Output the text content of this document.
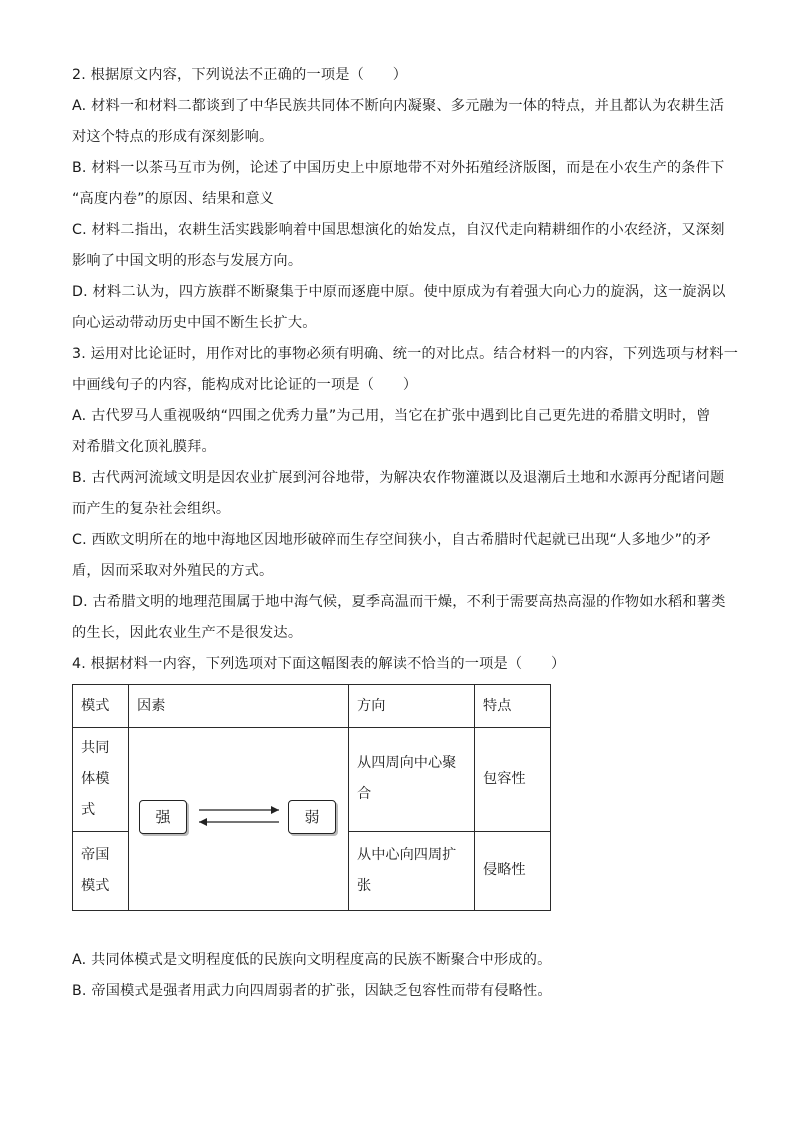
2. 根据原文内容，下列说法不正确的一项是（　　）
A. 材料一和材料二都谈到了中华民族共同体不断向内凝聚、多元融为一体的特点，并且都认为农耕生活
对这个特点的形成有深刻影响。
B. 材料一以茶马互市为例，论述了中国历史上中原地带不对外拓殖经济版图，而是在小农生产的条件下
“高度内卷”的原因、结果和意义
C. 材料二指出，农耕生活实践影响着中国思想演化的始发点，自汉代走向精耕细作的小农经济，又深刻
影响了中国文明的形态与发展方向。
D. 材料二认为，四方族群不断聚集于中原而逐鹿中原。使中原成为有着强大向心力的旋涡，这一旋涡以
向心运动带动历史中国不断生长扩大。
3. 运用对比论证时，用作对比的事物必须有明确、统一的对比点。结合材料一的内容，下列选项与材料一
中画线句子的内容，能构成对比论证的一项是（　　）
A. 古代罗马人重视吸纳“四围之优秀力量”为己用，当它在扩张中遇到比自己更先进的希腊文明时，曾
对希腊文化顶礼膜拜。
B. 古代两河流域文明是因农业扩展到河谷地带，为解决农作物灌溉以及退潮后土地和水源再分配诸问题
而产生的复杂社会组织。
C. 西欧文明所在的地中海地区因地形破碎而生存空间狭小，自古希腊时代起就已出现“人多地少”的矛
盾，因而采取对外殖民的方式。
D. 古希腊文明的地理范围属于地中海气候，夏季高温而干燥，不利于需要高热高湿的作物如水稻和薯类
的生长，因此农业生产不是很发达。
4. 根据材料一内容，下列选项对下面这幅图表的解读不恰当的一项是（　　）
模式	因素	方向	特点
共同体模式	强 弱	从四周向中心聚合	包容性
帝国模式		从中心向四周扩张	侵略性
A. 共同体模式是文明程度低的民族向文明程度高的民族不断聚合中形成的。
B. 帝国模式是强者用武力向四周弱者的扩张，因缺乏包容性而带有侵略性。
